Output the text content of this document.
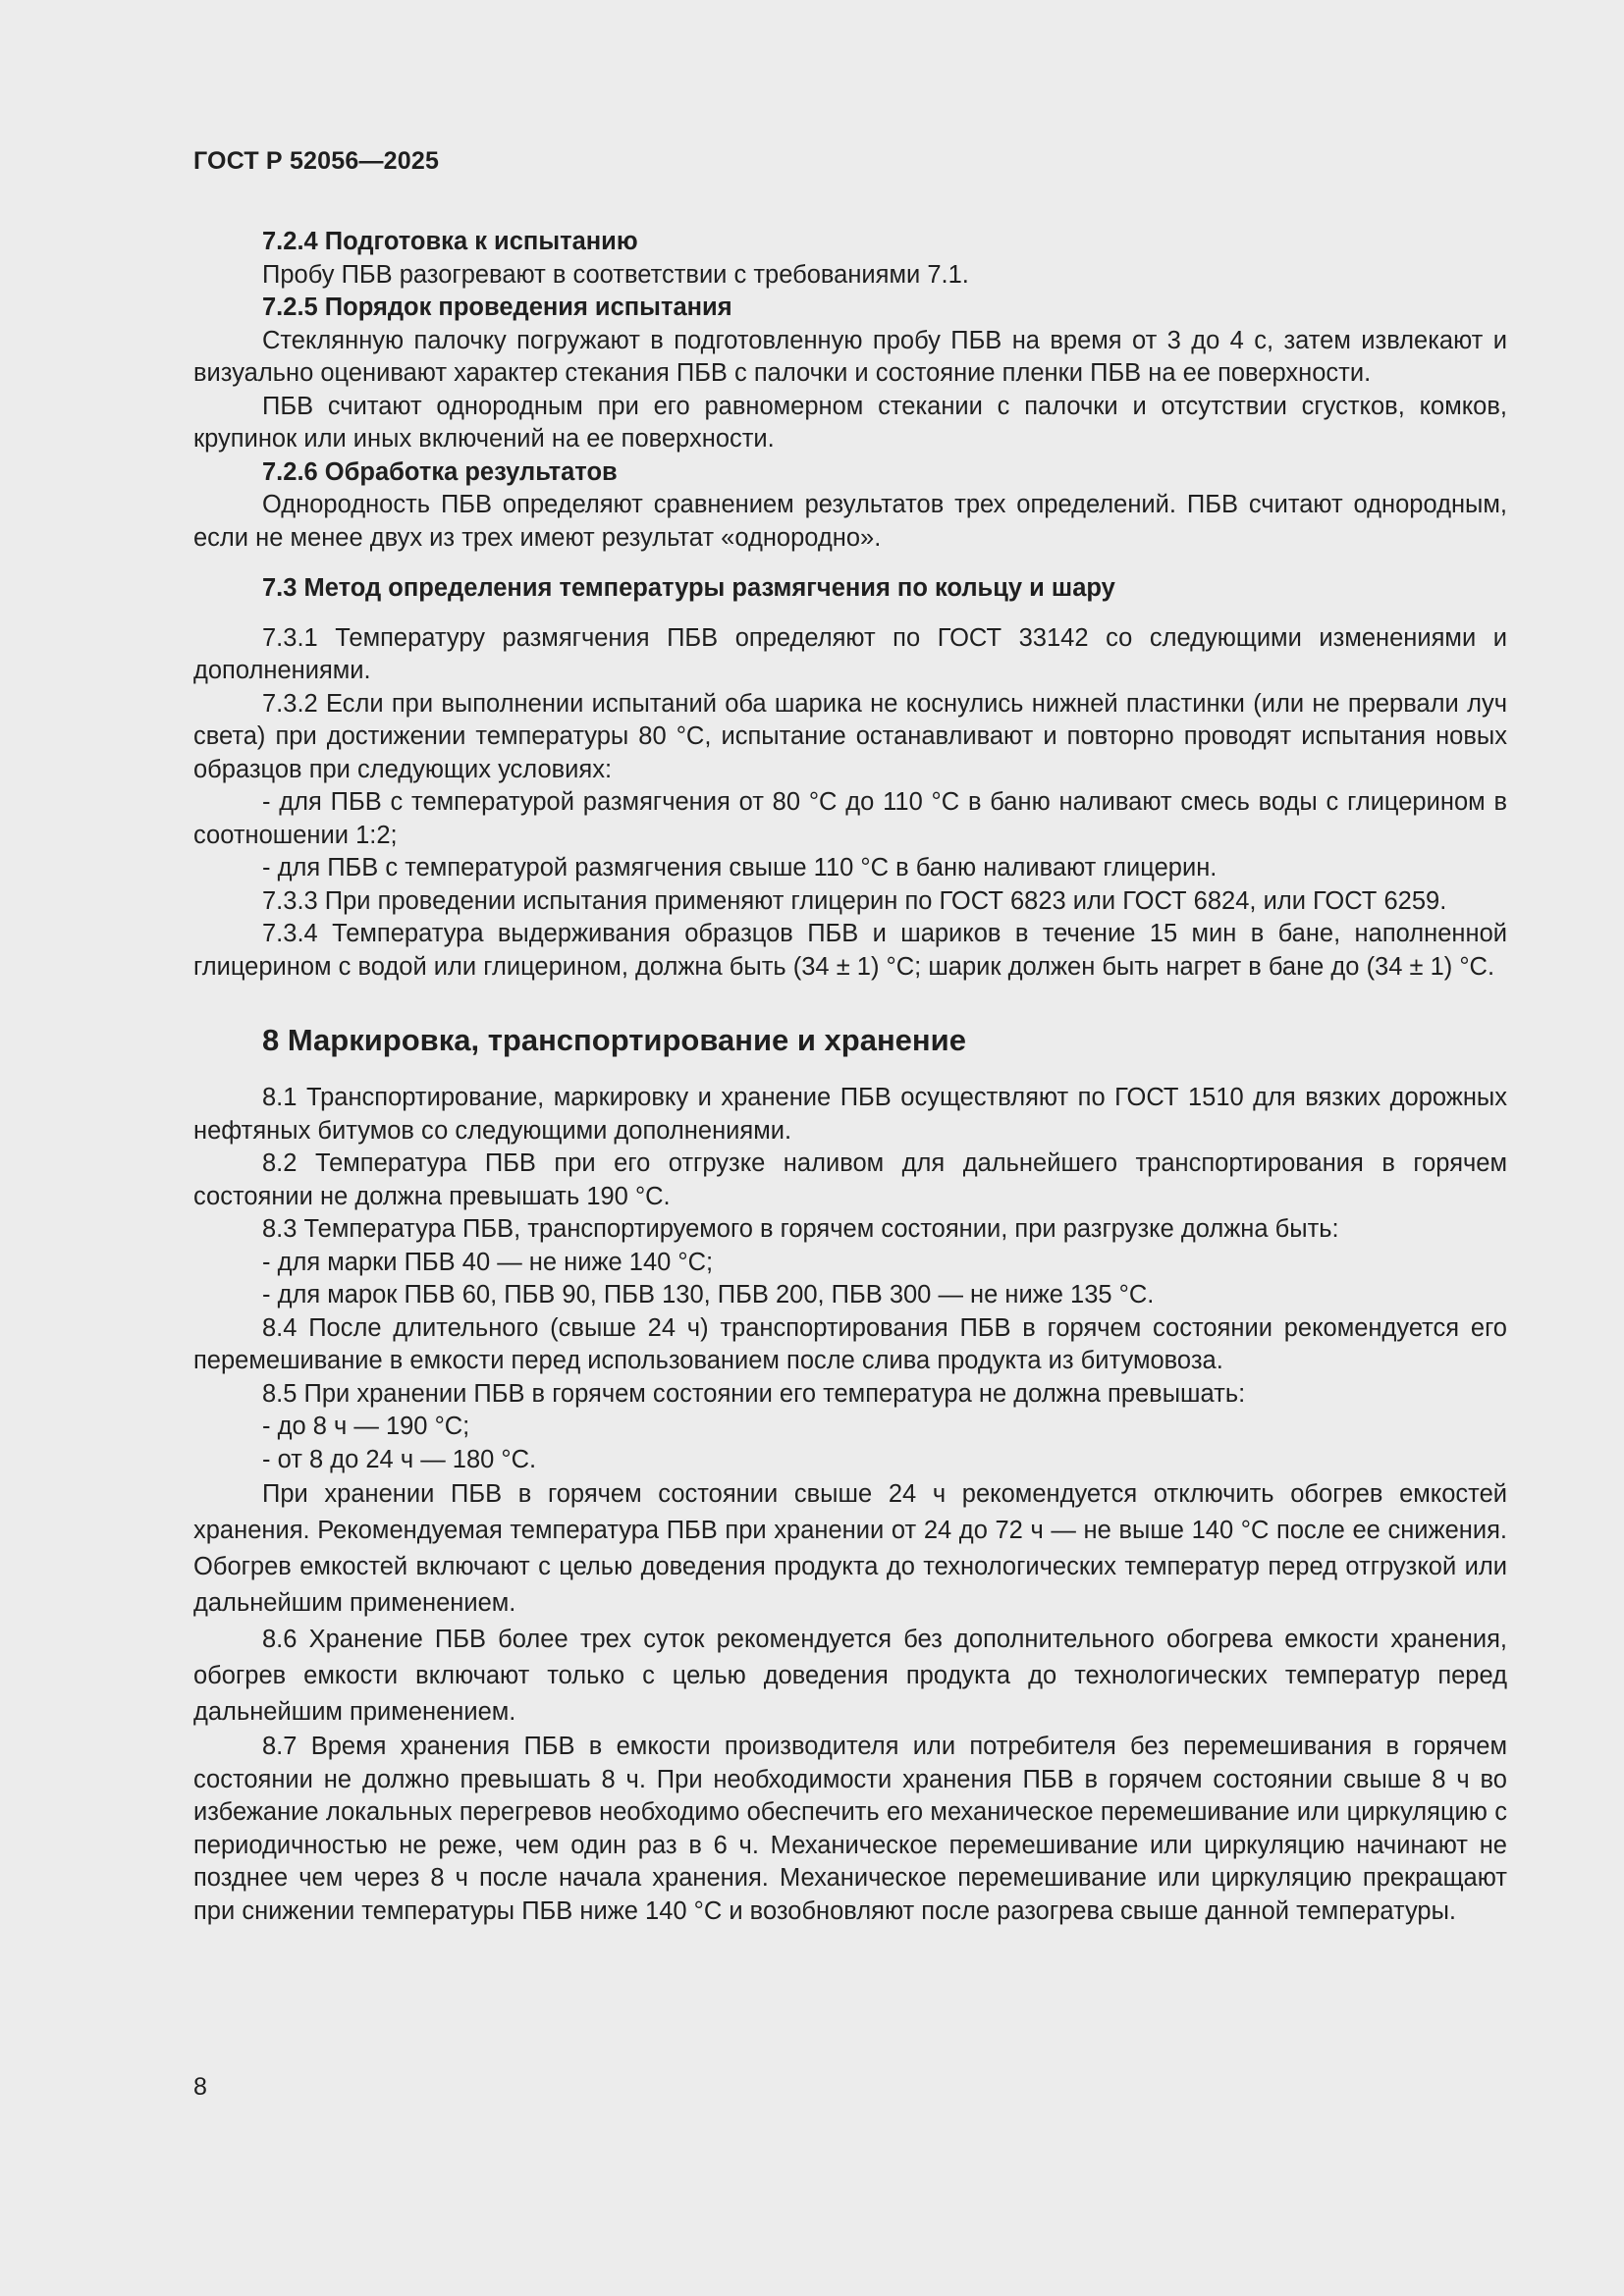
ГОСТ Р 52056—2025

7.2.4 Подготовка к испытанию

Пробу ПБВ разогревают в соответствии с требованиями 7.1.

7.2.5 Порядок проведения испытания

Стеклянную палочку погружают в подготовленную пробу ПБВ на время от 3 до 4 с, затем извлекают и визуально оценивают характер стекания ПБВ с палочки и состояние пленки ПБВ на ее поверхности.

ПБВ считают однородным при его равномерном стекании с палочки и отсутствии сгустков, комков, крупинок или иных включений на ее поверхности.

7.2.6 Обработка результатов

Однородность ПБВ определяют сравнением результатов трех определений. ПБВ считают однородным, если не менее двух из трех имеют результат «однородно».

7.3 Метод определения температуры размягчения по кольцу и шару

7.3.1 Температуру размягчения ПБВ определяют по ГОСТ 33142 со следующими изменениями и дополнениями.

7.3.2 Если при выполнении испытаний оба шарика не коснулись нижней пластинки (или не прервали луч света) при достижении температуры 80 °С, испытание останавливают и повторно проводят испытания новых образцов при следующих условиях:

- для ПБВ с температурой размягчения от 80 °С до 110 °С в баню наливают смесь воды с глицерином в соотношении 1:2;

- для ПБВ с температурой размягчения свыше 110 °С в баню наливают глицерин.

7.3.3 При проведении испытания применяют глицерин по ГОСТ 6823 или ГОСТ 6824, или ГОСТ 6259.

7.3.4 Температура выдерживания образцов ПБВ и шариков в течение 15 мин в бане, наполненной глицерином с водой или глицерином, должна быть (34 ± 1) °С; шарик должен быть нагрет в бане до (34 ± 1) °С.

8 Маркировка, транспортирование и хранение

8.1 Транспортирование, маркировку и хранение ПБВ осуществляют по ГОСТ 1510 для вязких дорожных нефтяных битумов со следующими дополнениями.

8.2 Температура ПБВ при его отгрузке наливом для дальнейшего транспортирования в горячем состоянии не должна превышать 190 °С.

8.3 Температура ПБВ, транспортируемого в горячем состоянии, при разгрузке должна быть:

- для марки ПБВ 40 — не ниже 140 °С;

- для марок ПБВ 60, ПБВ 90, ПБВ 130, ПБВ 200, ПБВ 300 — не ниже 135 °С.

8.4 После длительного (свыше 24 ч) транспортирования ПБВ в горячем состоянии рекомендуется его перемешивание в емкости перед использованием после слива продукта из битумовоза.

8.5 При хранении ПБВ в горячем состоянии его температура не должна превышать:

- до 8 ч — 190 °С;

- от 8 до 24 ч — 180 °С.

При хранении ПБВ в горячем состоянии свыше 24 ч рекомендуется отключить обогрев емкостей хранения. Рекомендуемая температура ПБВ при хранении от 24 до 72 ч — не выше 140 °С после ее снижения. Обогрев емкостей включают с целью доведения продукта до технологических температур перед отгрузкой или дальнейшим применением.

8.6 Хранение ПБВ более трех суток рекомендуется без дополнительного обогрева емкости хранения, обогрев емкости включают только с целью доведения продукта до технологических температур перед дальнейшим применением.

8.7 Время хранения ПБВ в емкости производителя или потребителя без перемешивания в горячем состоянии не должно превышать 8 ч. При необходимости хранения ПБВ в горячем состоянии свыше 8 ч во избежание локальных перегревов необходимо обеспечить его механическое перемешивание или циркуляцию с периодичностью не реже, чем один раз в 6 ч. Механическое перемешивание или циркуляцию начинают не позднее чем через 8 ч после начала хранения. Механическое перемешивание или циркуляцию прекращают при снижении температуры ПБВ ниже 140 °С и возобновляют после разогрева свыше данной температуры.

8
